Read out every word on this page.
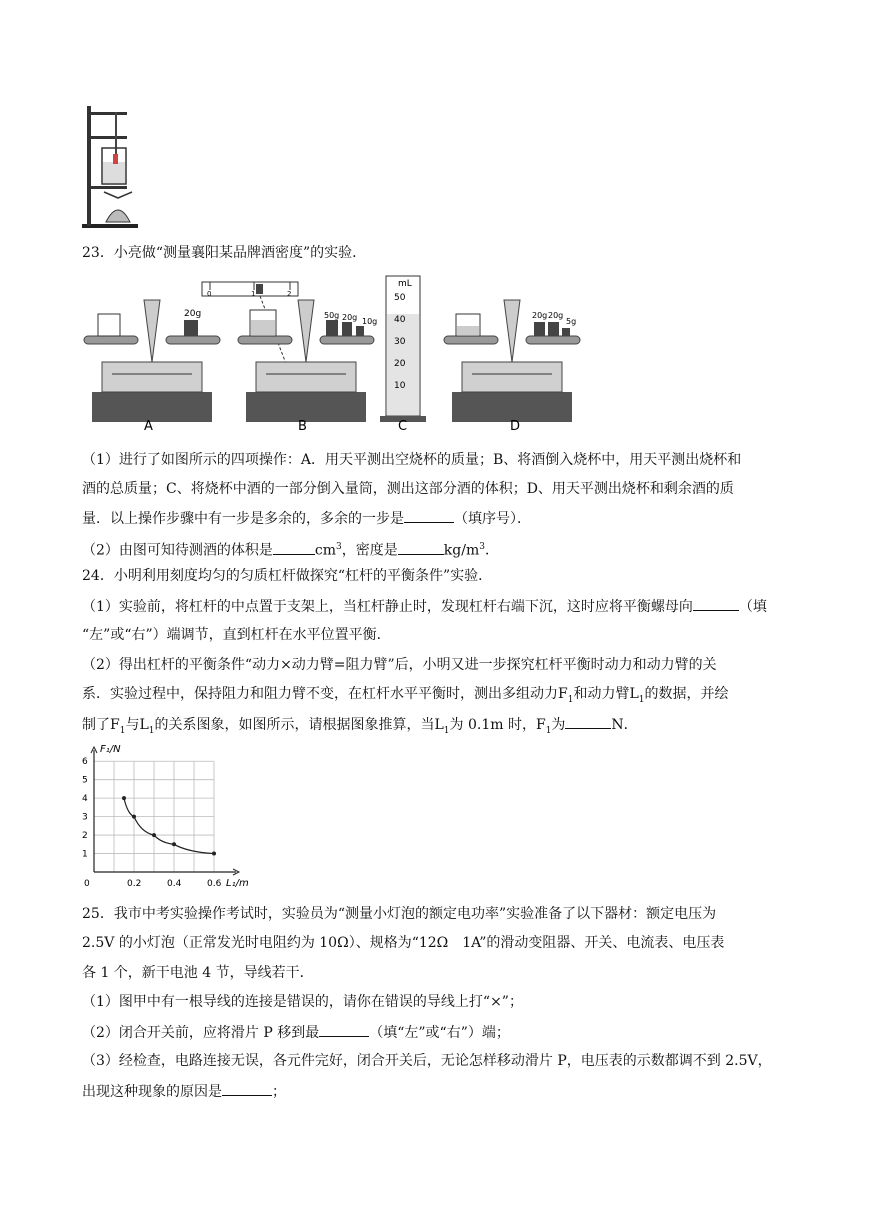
23．小亮做“测量襄阳某品牌酒密度”的实验．
20g
A
0	1	2
50g 20g 10g
B
mL
50
40
30
20
10
C
20g 20g
5g
D
（1）进行了如图所示的四项操作：A．用天平测出空烧杯的质量；B、将酒倒入烧杯中，用天平测出烧杯和
酒的总质量；C、将烧杯中酒的一部分倒入量筒，测出这部分酒的体积；D、用天平测出烧杯和剩余酒的质
量．以上操作步骤中有一步是多余的，多余的一步是	（填序号）．
（2）由图可知待测酒的体积是	$cm^3$，密度是	$kg/m^3$．
24．小明利用刻度均匀的匀质杠杆做探究“杠杆的平衡条件”实验．
（1）实验前，将杠杆的中点置于支架上，当杠杆静止时，发现杠杆右端下沉，这时应将平衡螺母向	（填
“左”或“右”）端调节，直到杠杆在水平位置平衡．
（2）得出杠杆的平衡条件“动力×动力臂=阻力臂”后，小明又进一步探究杠杆平衡时动力和动力臂的关
系．实验过程中，保持阻力和阻力臂不变，在杠杆水平平衡时，测出多组动力$F_1$和动力臂$L_1$的数据，并绘
制了$F_1$与$L_1$的关系图象，如图所示，请根据图象推算，当$L_1$为 0.1m 时，$F_1$为	N．
0.2	0.4	0.6
1
2
3
4
5
6
0
F₁/N
L₁/m
25．我市中考实验操作考试时，实验员为“测量小灯泡的额定电功率”实验准备了以下器材：额定电压为
2.5V 的小灯泡（正常发光时电阻约为 10Ω）、规格为“12Ω　1A”的滑动变阻器、开关、电流表、电压表
各 1 个，新干电池 4 节，导线若干．
（1）图甲中有一根导线的连接是错误的，请你在错误的导线上打“×”；
（2）闭合开关前，应将滑片 P 移到最	（填“左”或“右”）端；
（3）经检查，电路连接无误，各元件完好，闭合开关后，无论怎样移动滑片 P，电压表的示数都调不到 2.5V，
出现这种现象的原因是	；
